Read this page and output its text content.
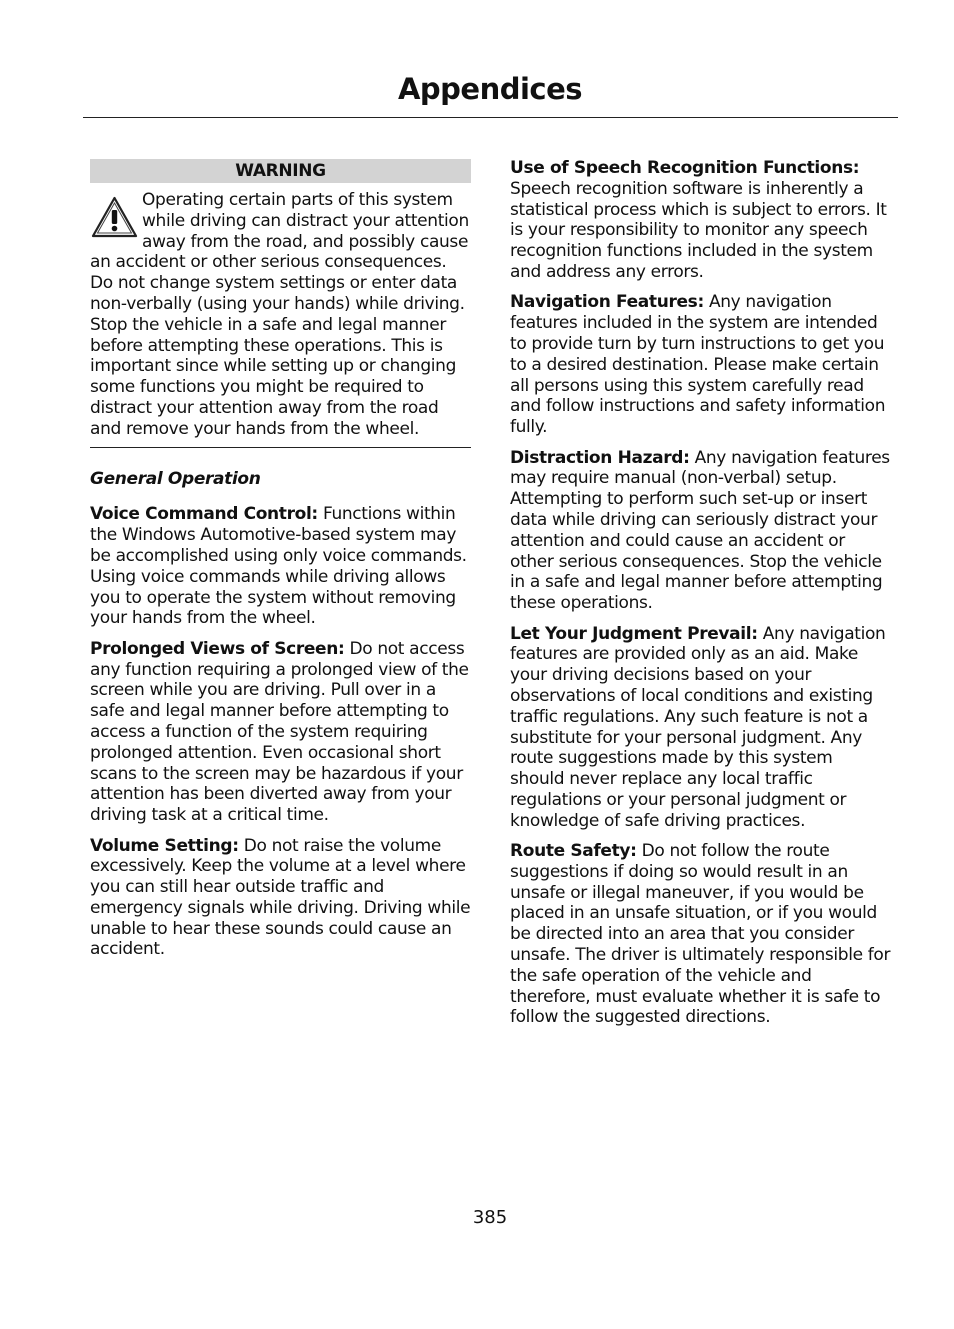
Appendices
WARNING
Operating certain parts of this system while driving can distract your attention away from the road, and possibly cause an accident or other serious consequences. Do not change system settings or enter data non-verbally (using your hands) while driving. Stop the vehicle in a safe and legal manner before attempting these operations. This is important since while setting up or changing some functions you might be required to distract your attention away from the road and remove your hands from the wheel.
General Operation

Voice Command Control: Functions within the Windows Automotive-based system may be accomplished using only voice commands. Using voice commands while driving allows you to operate the system without removing your hands from the wheel.

Prolonged Views of Screen: Do not access any function requiring a prolonged view of the screen while you are driving. Pull over in a safe and legal manner before attempting to access a function of the system requiring prolonged attention. Even occasional short scans to the screen may be hazardous if your attention has been diverted away from your driving task at a critical time.

Volume Setting: Do not raise the volume excessively. Keep the volume at a level where you can still hear outside traffic and emergency signals while driving. Driving while unable to hear these sounds could cause an accident.

Use of Speech Recognition Functions: Speech recognition software is inherently a statistical process which is subject to errors. It is your responsibility to monitor any speech recognition functions included in the system and address any errors.

Navigation Features: Any navigation features included in the system are intended to provide turn by turn instructions to get you to a desired destination. Please make certain all persons using this system carefully read and follow instructions and safety information fully.

Distraction Hazard: Any navigation features may require manual (non-verbal) setup. Attempting to perform such set-up or insert data while driving can seriously distract your attention and could cause an accident or other serious consequences. Stop the vehicle in a safe and legal manner before attempting these operations.

Let Your Judgment Prevail: Any navigation features are provided only as an aid. Make your driving decisions based on your observations of local conditions and existing traffic regulations. Any such feature is not a substitute for your personal judgment. Any route suggestions made by this system should never replace any local traffic regulations or your personal judgment or knowledge of safe driving practices.

Route Safety: Do not follow the route suggestions if doing so would result in an unsafe or illegal maneuver, if you would be placed in an unsafe situation, or if you would be directed into an area that you consider unsafe. The driver is ultimately responsible for the safe operation of the vehicle and therefore, must evaluate whether it is safe to follow the suggested directions.

385
